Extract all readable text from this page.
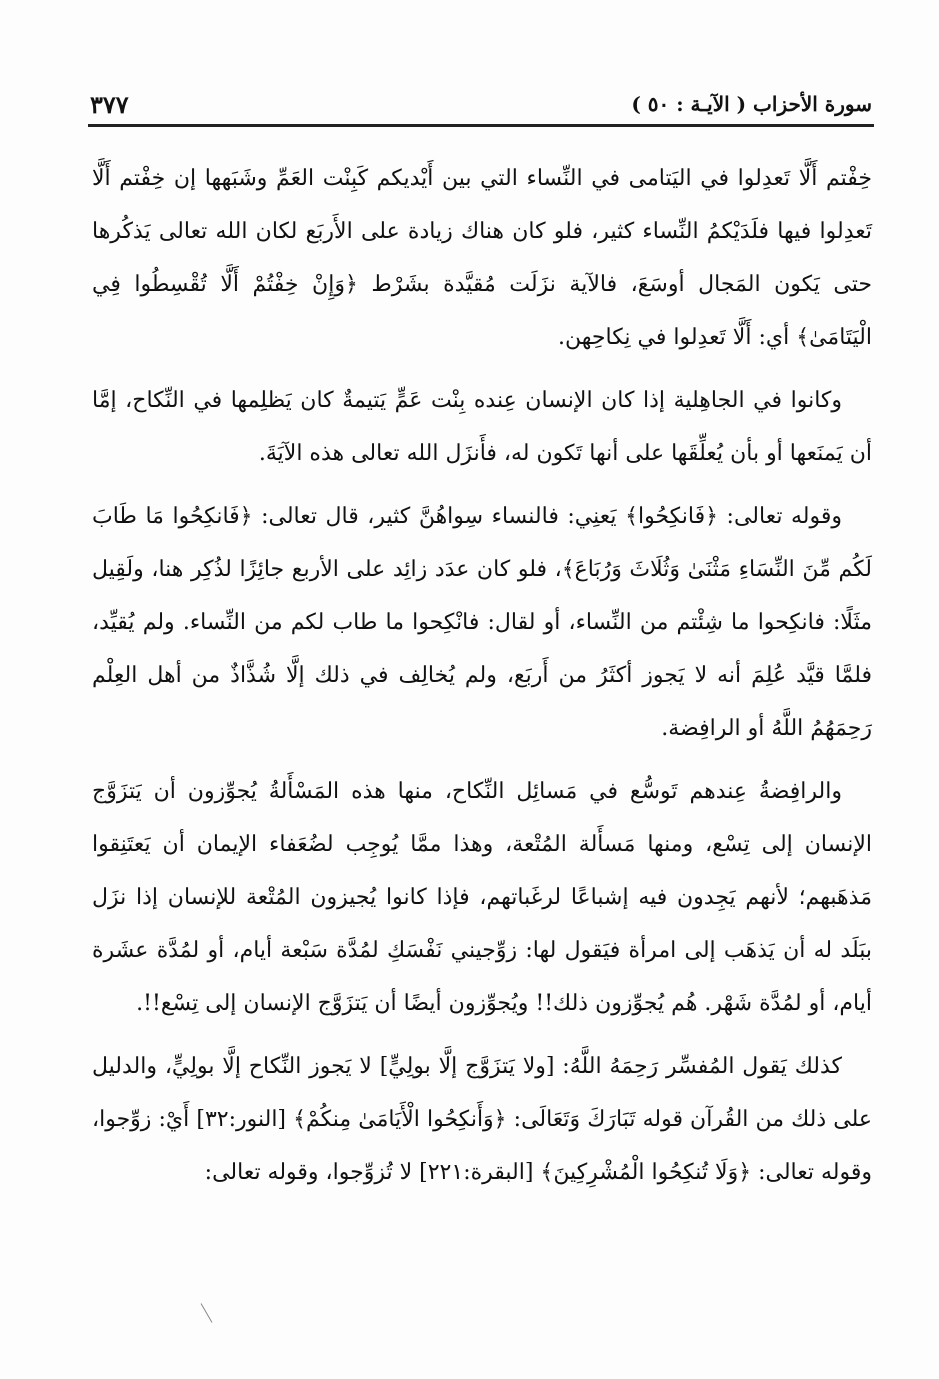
سورة الأحزاب ( الآيـة : ٥٠ )
٣٧٧

خِفْتم أَلَّا تَعدِلوا في اليَتامى في النِّساء التي بين أَيْديكم كَبِنْت العَمِّ وشَبَهها إن خِفْتم أَلَّا تَعدِلوا فيها فلَدَيْكمُ النِّساء كثير، فلو كان هناك زيادة على الأَربَع لكان الله تعالى يَذكُرها حتى يَكون المَجال أوسَعَ، فالآية نزَلَت مُقيَّدة بشَرْط ﴿وَإِنْ خِفْتُمْ أَلَّا تُقْسِطُوا فِي الْيَتَامَىٰ﴾ أي: أَلَّا تَعدِلوا في نِكاحِهن.

وكانوا في الجاهِلية إذا كان الإنسان عِنده بِنْت عَمٍّ يَتيمةٌ كان يَظلِمها في النِّكاح، إمَّا أن يَمنَعها أو بأن يُعلِّقَها على أنها تَكون له، فأَنزَل الله تعالى هذه الآيَةَ.

وقوله تعالى: ﴿فَانكِحُوا﴾ يَعنِي: فالنساء سِواهُنَّ كثير، قال تعالى: ﴿فَانكِحُوا مَا طَابَ لَكُم مِّنَ النِّسَاءِ مَثْنَىٰ وَثُلَاثَ وَرُبَاعَ﴾، فلو كان عدَد زائِد على الأربع جائِزًا لذُكِر هنا، ولَقِيل مثَلًا: فانكِحوا ما شِئْتم من النِّساء، أو لقال: فانْكِحوا ما طاب لكم من النِّساء. ولم يُقيِّد، فلمَّا قيَّد عُلِمَ أنه لا يَجوز أكثَرُ من أَربَع، ولم يُخالِف في ذلك إلَّا شُذَّاذٌ من أهل العِلْم رَحِمَهُمُ اللَّهُ أو الرافِضة.

والرافِضةُ عِندهم تَوسُّع في مَسائِل النِّكاح، منها هذه المَسْأَلةُ يُجوِّزون أن يَتزَوَّج الإنسان إلى تِسْع، ومنها مَسأَلة المُتْعة، وهذا ممَّا يُوجِب لضُعَفاء الإيمان أن يَعتَنِقوا مَذهَبهم؛ لأنهم يَجِدون فيه إشباعًا لرغَباتهم، فإذا كانوا يُجيزون المُتْعة للإنسان إذا نزَل ببَلَد له أن يَذهَب إلى امرأة فيَقول لها: زوِّجيني نَفْسَكِ لمُدَّة سَبْعة أيام، أو لمُدَّة عشَرة أيام، أو لمُدَّة شَهْر. هُم يُجوِّزون ذلك!! ويُجوِّزون أيضًا أن يَتزَوَّج الإنسان إلى تِسْع!!.

كذلك يَقول المُفسِّر رَحِمَهُ اللَّهُ: [ولا يَتزَوَّج إلَّا بولِيٍّ] لا يَجوز النِّكاح إلَّا بولِيٍّ، والدليل على ذلك من القُرآن قوله تَبَارَكَ وَتَعَالَى: ﴿وَأَنكِحُوا الْأَيَامَىٰ مِنكُمْ﴾ [النور:٣٢] أَيْ: زوِّجوا، وقوله تعالى: ﴿وَلَا تُنكِحُوا الْمُشْرِكِينَ﴾ [البقرة:٢٢١] لا تُزوِّجوا، وقوله تعالى:
